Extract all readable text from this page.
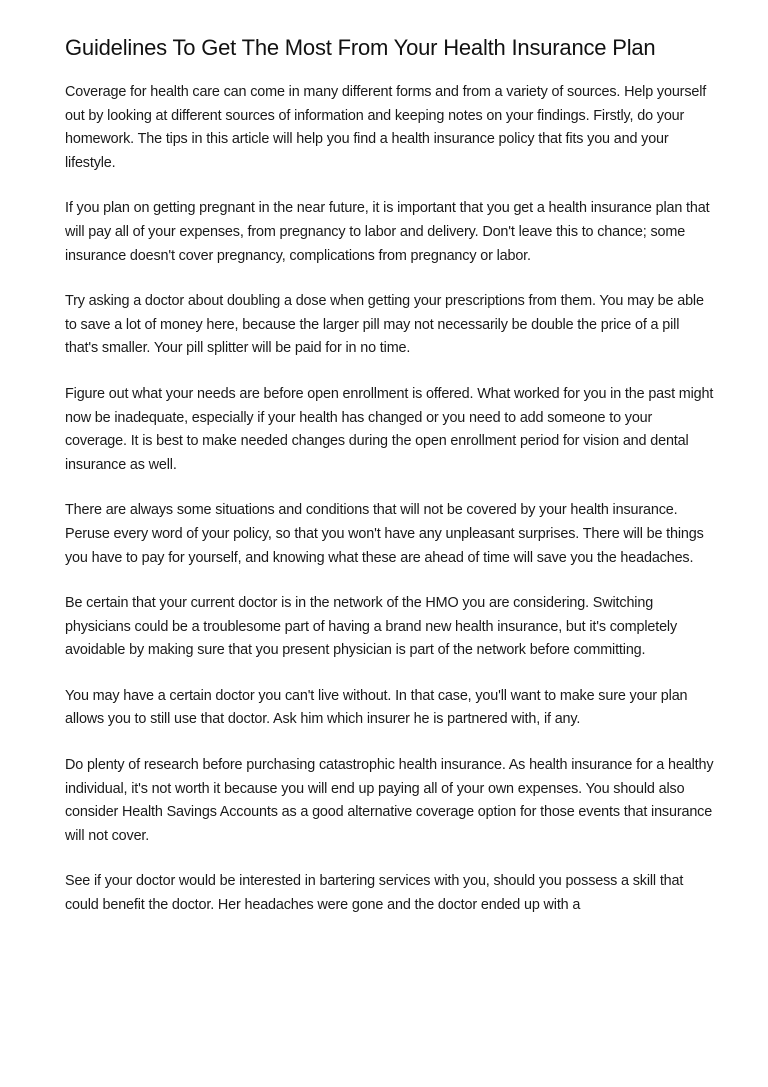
Guidelines To Get The Most From Your Health Insurance Plan

Coverage for health care can come in many different forms and from a variety of sources. Help yourself out by looking at different sources of information and keeping notes on your findings. Firstly, do your homework. The tips in this article will help you find a health insurance policy that fits you and your lifestyle.

If you plan on getting pregnant in the near future, it is important that you get a health insurance plan that will pay all of your expenses, from pregnancy to labor and delivery. Don't leave this to chance; some insurance doesn't cover pregnancy, complications from pregnancy or labor.

Try asking a doctor about doubling a dose when getting your prescriptions from them. You may be able to save a lot of money here, because the larger pill may not necessarily be double the price of a pill that's smaller. Your pill splitter will be paid for in no time.

Figure out what your needs are before open enrollment is offered. What worked for you in the past might now be inadequate, especially if your health has changed or you need to add someone to your coverage. It is best to make needed changes during the open enrollment period for vision and dental insurance as well.

There are always some situations and conditions that will not be covered by your health insurance. Peruse every word of your policy, so that you won't have any unpleasant surprises. There will be things you have to pay for yourself, and knowing what these are ahead of time will save you the headaches.

Be certain that your current doctor is in the network of the HMO you are considering. Switching physicians could be a troublesome part of having a brand new health insurance, but it's completely avoidable by making sure that you present physician is part of the network before committing.

You may have a certain doctor you can't live without. In that case, you'll want to make sure your plan allows you to still use that doctor. Ask him which insurer he is partnered with, if any.

Do plenty of research before purchasing catastrophic health insurance. As health insurance for a healthy individual, it's not worth it because you will end up paying all of your own expenses. You should also consider Health Savings Accounts as a good alternative coverage option for those events that insurance will not cover.

See if your doctor would be interested in bartering services with you, should you possess a skill that could benefit the doctor. Her headaches were gone and the doctor ended up with a
